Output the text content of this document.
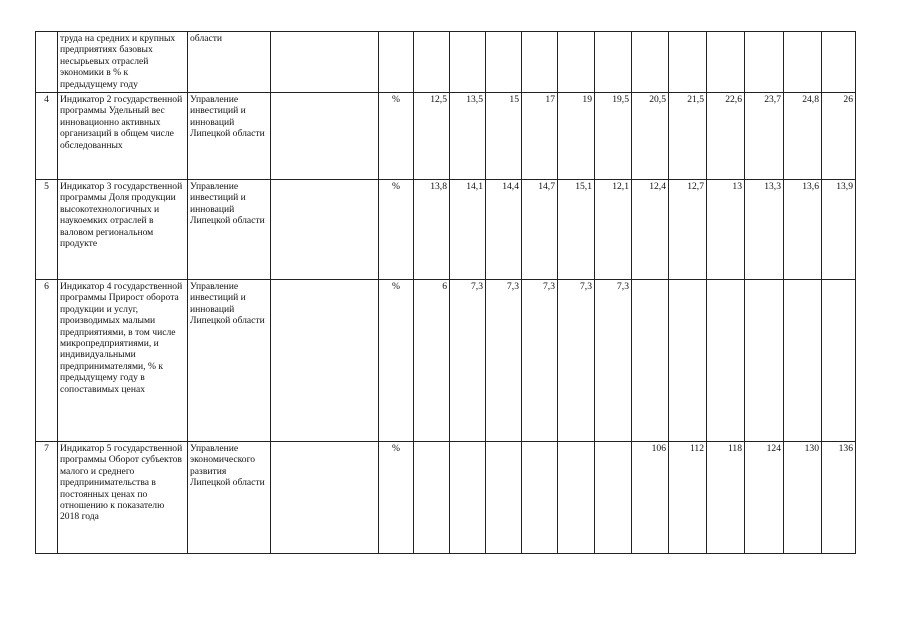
	труда на средних и крупных предприятиях базовых несырьевых отраслей экономики в % к предыдущему году	области														
4	Индикатор 2 государственной программы Удельный вес инновационно активных организаций в общем числе обследованных	Управление инвестиций и инноваций Липецкой области		%	12,5	13,5	15	17	19	19,5	20,5	21,5	22,6	23,7	24,8	26
5	Индикатор 3 государственной программы Доля продукции высокотехнологичных и наукоемких отраслей в валовом региональном продукте	Управление инвестиций и инноваций Липецкой области		%	13,8	14,1	14,4	14,7	15,1	12,1	12,4	12,7	13	13,3	13,6	13,9
6	Индикатор 4 государственной программы Прирост оборота продукции и услуг, производимых малыми предприятиями, в том числе микропредприятиями, и индивидуальными предпринимателями, % к предыдущему году в сопоставимых ценах	Управление инвестиций и инноваций Липецкой области		%	6	7,3	7,3	7,3	7,3	7,3						
7	Индикатор 5 государственной программы Оборот субъектов малого и среднего предпринимательства в постоянных ценах по отношению к показателю 2018 года	Управление экономического развития Липецкой области		%							106	112	118	124	130	136
